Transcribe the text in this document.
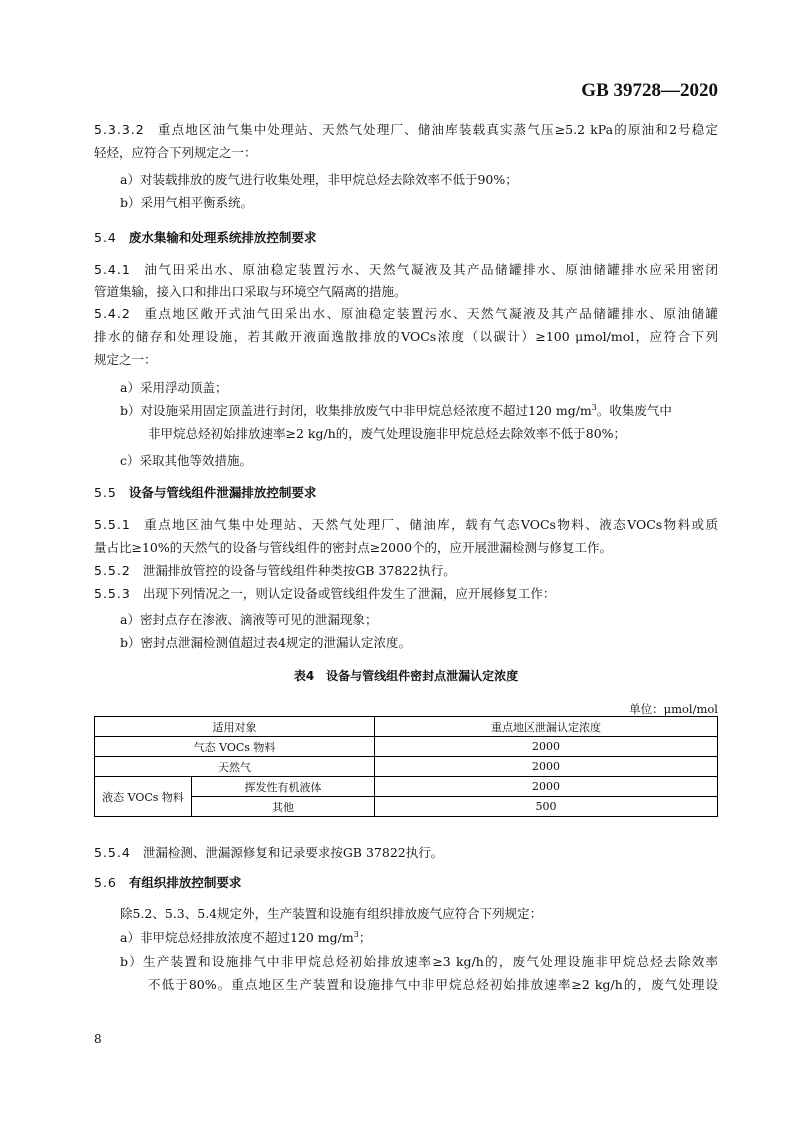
GB 39728—2020
5.3.3.2 重点地区油气集中处理站、天然气处理厂、储油库装载真实蒸气压≥5.2 kPa的原油和2号稳定
轻烃，应符合下列规定之一：
a）对装载排放的废气进行收集处理，非甲烷总烃去除效率不低于90%；
b）采用气相平衡系统。
5.4 废水集输和处理系统排放控制要求
5.4.1 油气田采出水、原油稳定装置污水、天然气凝液及其产品储罐排水、原油储罐排水应采用密闭
管道集输，接入口和排出口采取与环境空气隔离的措施。
5.4.2 重点地区敞开式油气田采出水、原油稳定装置污水、天然气凝液及其产品储罐排水、原油储罐
排水的储存和处理设施，若其敞开液面逸散排放的VOCs浓度（以碳计）≥100 μmol/mol，应符合下列
规定之一：
a）采用浮动顶盖；
b）对设施采用固定顶盖进行封闭，收集排放废气中非甲烷总烃浓度不超过120 $mg/m^3$。收集废气中
非甲烷总烃初始排放速率≥2 kg/h的，废气处理设施非甲烷总烃去除效率不低于80%；
c）采取其他等效措施。
5.5 设备与管线组件泄漏排放控制要求
5.5.1 重点地区油气集中处理站、天然气处理厂、储油库，载有气态VOCs物料、液态VOCs物料或质
量占比≥10%的天然气的设备与管线组件的密封点≥2000个的，应开展泄漏检测与修复工作。
5.5.2 泄漏排放管控的设备与管线组件种类按GB 37822执行。
5.5.3 出现下列情况之一，则认定设备或管线组件发生了泄漏，应开展修复工作：
a）密封点存在渗液、滴液等可见的泄漏现象；
b）密封点泄漏检测值超过表4规定的泄漏认定浓度。
表4　设备与管线组件密封点泄漏认定浓度
单位：μmol/mol
适用对象		重点地区泄漏认定浓度
气态 VOCs 物料		2000
天然气		2000
液态 VOCs 物料	挥发性有机液体	2000
	其他	500
5.5.4 泄漏检测、泄漏源修复和记录要求按GB 37822执行。
5.6 有组织排放控制要求
除5.2、5.3、5.4规定外，生产装置和设施有组织排放废气应符合下列规定：
a）非甲烷总烃排放浓度不超过120 $mg/m^3$；
b）生产装置和设施排气中非甲烷总烃初始排放速率≥3 kg/h的，废气处理设施非甲烷总烃去除效率
不低于80%。重点地区生产装置和设施排气中非甲烷总烃初始排放速率≥2 kg/h的，废气处理设
8
